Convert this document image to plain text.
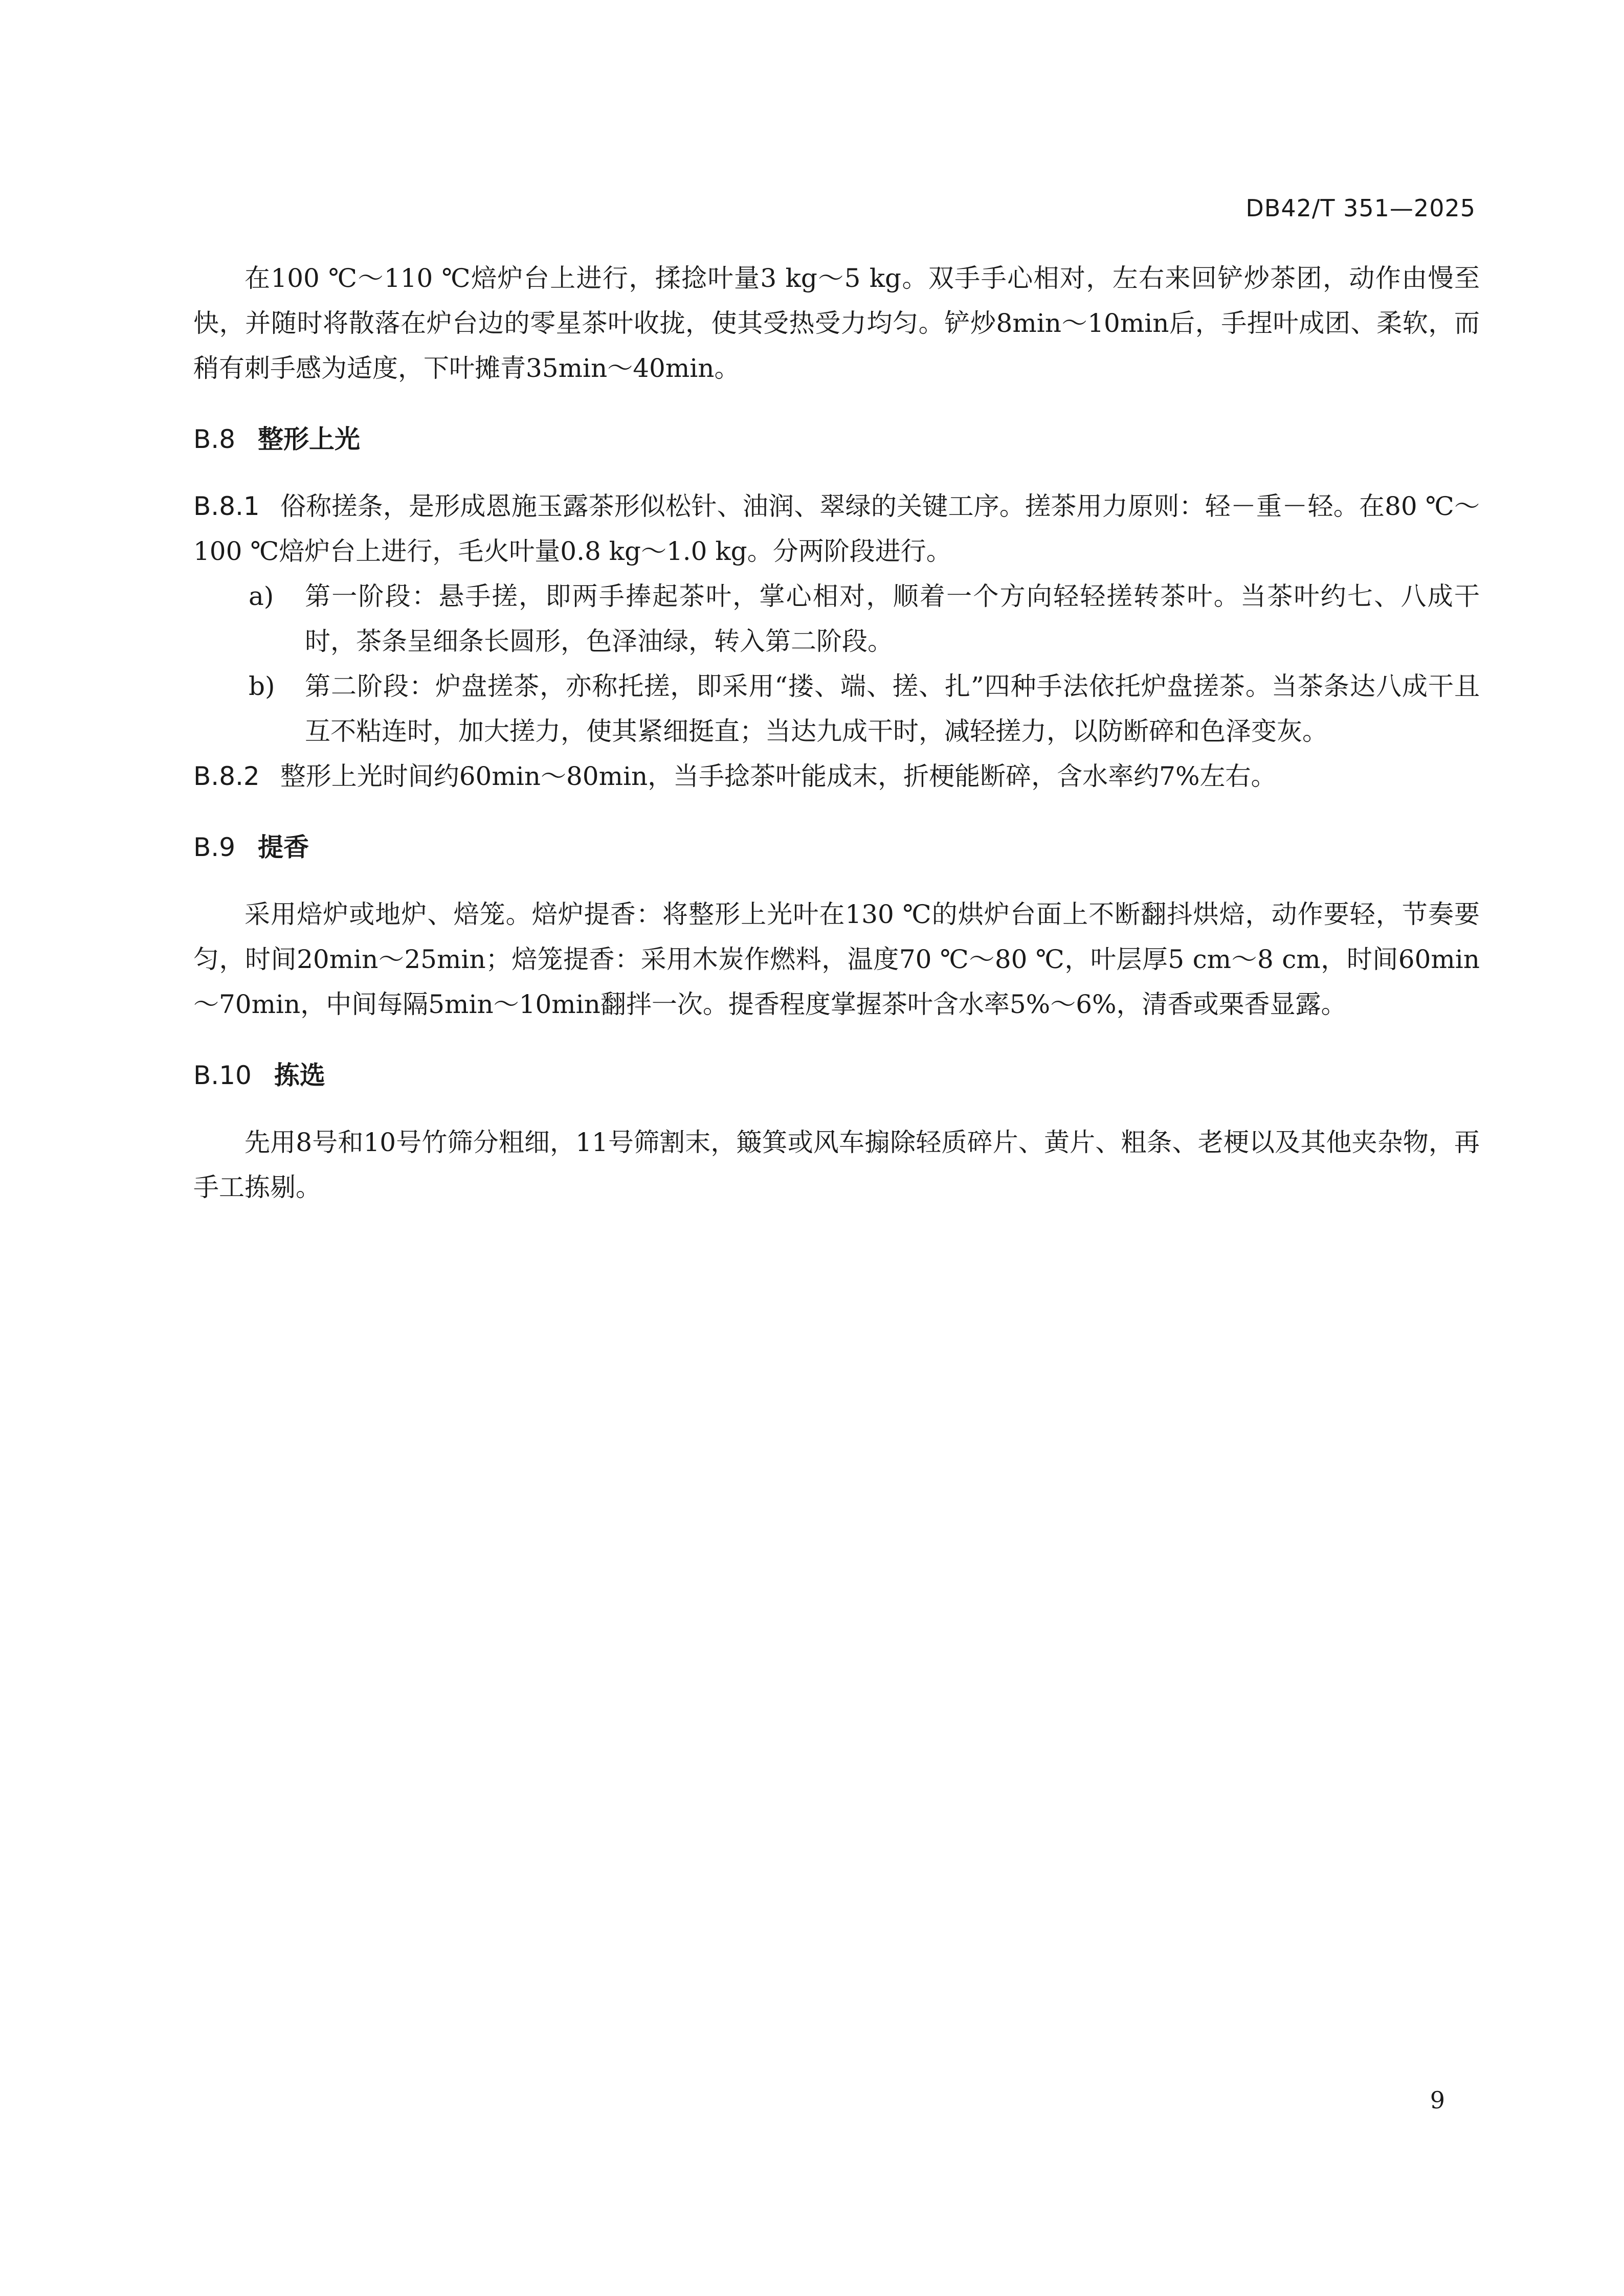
DB42/T 351—2025

在100 ℃～110 ℃焙炉台上进行，揉捻叶量3 kg～5 kg。双手手心相对，左右来回铲炒茶团，动作由慢至快，并随时将散落在炉台边的零星茶叶收拢，使其受热受力均匀。铲炒8min～10min后，手捏叶成团、柔软，而稍有刺手感为适度，下叶摊青35min～40min。

B.8 整形上光

B.8.1 俗称搓条，是形成恩施玉露茶形似松针、油润、翠绿的关键工序。搓茶用力原则：轻－重－轻。在80 ℃～100 ℃焙炉台上进行，毛火叶量0.8 kg～1.0 kg。分两阶段进行。

a) 第一阶段：悬手搓，即两手捧起茶叶，掌心相对，顺着一个方向轻轻搓转茶叶。当茶叶约七、八成干时，茶条呈细条长圆形，色泽油绿，转入第二阶段。
b) 第二阶段：炉盘搓茶，亦称托搓，即采用“搂、端、搓、扎”四种手法依托炉盘搓茶。当茶条达八成干且互不粘连时，加大搓力，使其紧细挺直；当达九成干时，减轻搓力，以防断碎和色泽变灰。

B.8.2 整形上光时间约60min～80min，当手捻茶叶能成末，折梗能断碎，含水率约7%左右。

B.9 提香

采用焙炉或地炉、焙笼。焙炉提香：将整形上光叶在130 ℃的烘炉台面上不断翻抖烘焙，动作要轻，节奏要匀，时间20min～25min；焙笼提香：采用木炭作燃料，温度70 ℃～80 ℃，叶层厚5 cm～8 cm，时间60min～70min，中间每隔5min～10min翻拌一次。提香程度掌握茶叶含水率5%～6%，清香或栗香显露。

B.10 拣选

先用8号和10号竹筛分粗细，11号筛割末，簸箕或风车搧除轻质碎片、黄片、粗条、老梗以及其他夹杂物，再手工拣剔。

9
